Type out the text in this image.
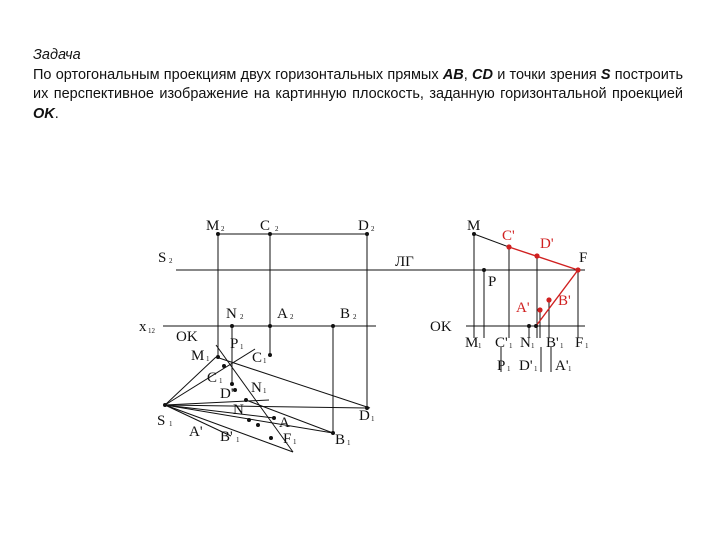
Задача

По ортогональным проекциям двух горизонтальных прямых AB, CD и точки зрения S построить их перспективное изображение на картинную плоскость, заданную горизонтальной проекцией OK.

M 2 C 2	D 2
S 2
N 2 A 2	B 2
x 12 OK
M 1
P 1
C 1
C 1 N 1
D'
N
A
S 1 A' B' 1	F 1
D 1
B 1
M
C' D'
F
ЛГ
P
A' B'
OK
M 1 C' 1 N 1 B' 1 F 1
P 1 D' 1 A' 1
